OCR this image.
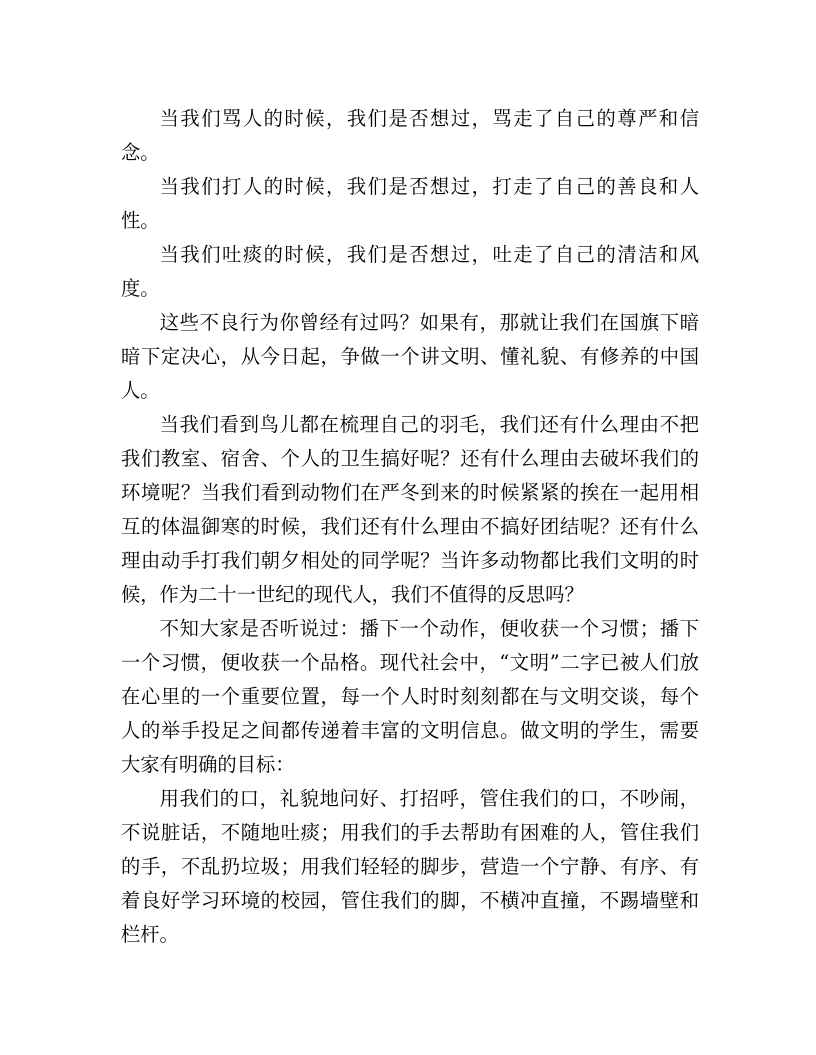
当我们骂人的时候，我们是否想过，骂走了自己的尊严和信念。

当我们打人的时候，我们是否想过，打走了自己的善良和人性。

当我们吐痰的时候，我们是否想过，吐走了自己的清洁和风度。

这些不良行为你曾经有过吗？如果有，那就让我们在国旗下暗暗下定决心，从今日起，争做一个讲文明、懂礼貌、有修养的中国人。

当我们看到鸟儿都在梳理自己的羽毛，我们还有什么理由不把我们教室、宿舍、个人的卫生搞好呢？还有什么理由去破坏我们的环境呢？当我们看到动物们在严冬到来的时候紧紧的挨在一起用相互的体温御寒的时候，我们还有什么理由不搞好团结呢？还有什么理由动手打我们朝夕相处的同学呢？当许多动物都比我们文明的时候，作为二十一世纪的现代人，我们不值得的反思吗？

不知大家是否听说过：播下一个动作，便收获一个习惯；播下一个习惯，便收获一个品格。现代社会中，“文明”二字已被人们放在心里的一个重要位置，每一个人时时刻刻都在与文明交谈，每个人的举手投足之间都传递着丰富的文明信息。做文明的学生，需要大家有明确的目标：

用我们的口，礼貌地问好、打招呼，管住我们的口，不吵闹，不说脏话，不随地吐痰；用我们的手去帮助有困难的人，管住我们的手，不乱扔垃圾；用我们轻轻的脚步，营造一个宁静、有序、有着良好学习环境的校园，管住我们的脚，不横冲直撞，不踢墙壁和栏杆。
